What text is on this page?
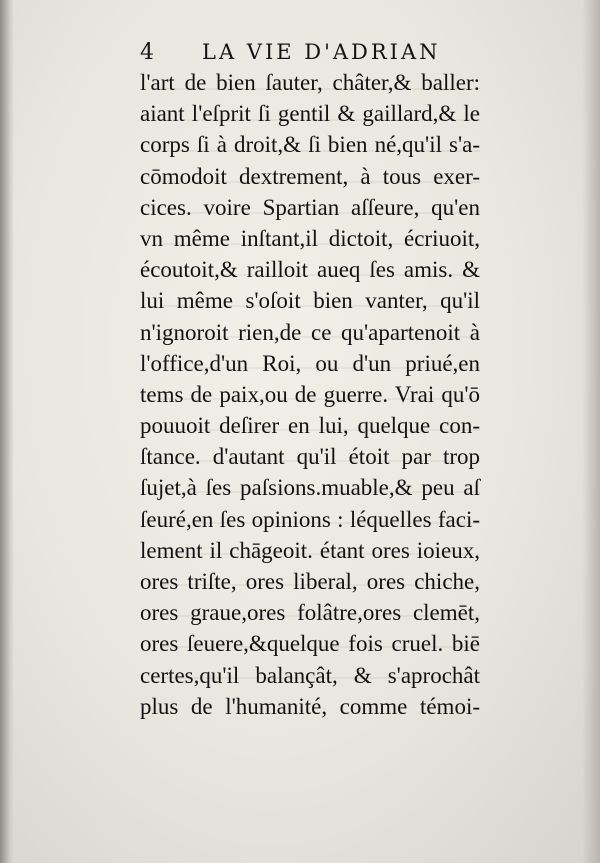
4 LA VIE D'ADRIAN
l'art de bien ſauter, châter,& baller:
aiant l'eſprit ſi gentil & gaillard,& le
corps ſi à droit,& ſi bien né,qu'il s'a-
cōmodoit dextrement, à tous exer-
cices. voire Spartian aſſeure, qu'en
vn même inſtant,il dictoit, écriuoit,
écoutoit,& railloit aueq ſes amis. &
lui même s'oſoit bien vanter, qu'il
n'ignoroit rien,de ce qu'apartenoit à
l'office,d'un Roi, ou d'un priué,en
tems de paix,ou de guerre. Vrai qu'ō
pouuoit deſirer en lui, quelque con-
ſtance. d'autant qu'il étoit par trop
ſujet,à ſes paſsions.muable,& peu aſ
ſeuré,en ſes opinions : léquelles faci-
lement il chāgeoit. étant ores ioieux,
ores triſte, ores liberal, ores chiche,
ores graue,ores folâtre,ores clemēt,
ores ſeuere,&quelque fois cruel. biē
certes,qu'il balançât, & s'aprochât
plus de l'humanité, comme témoi-
